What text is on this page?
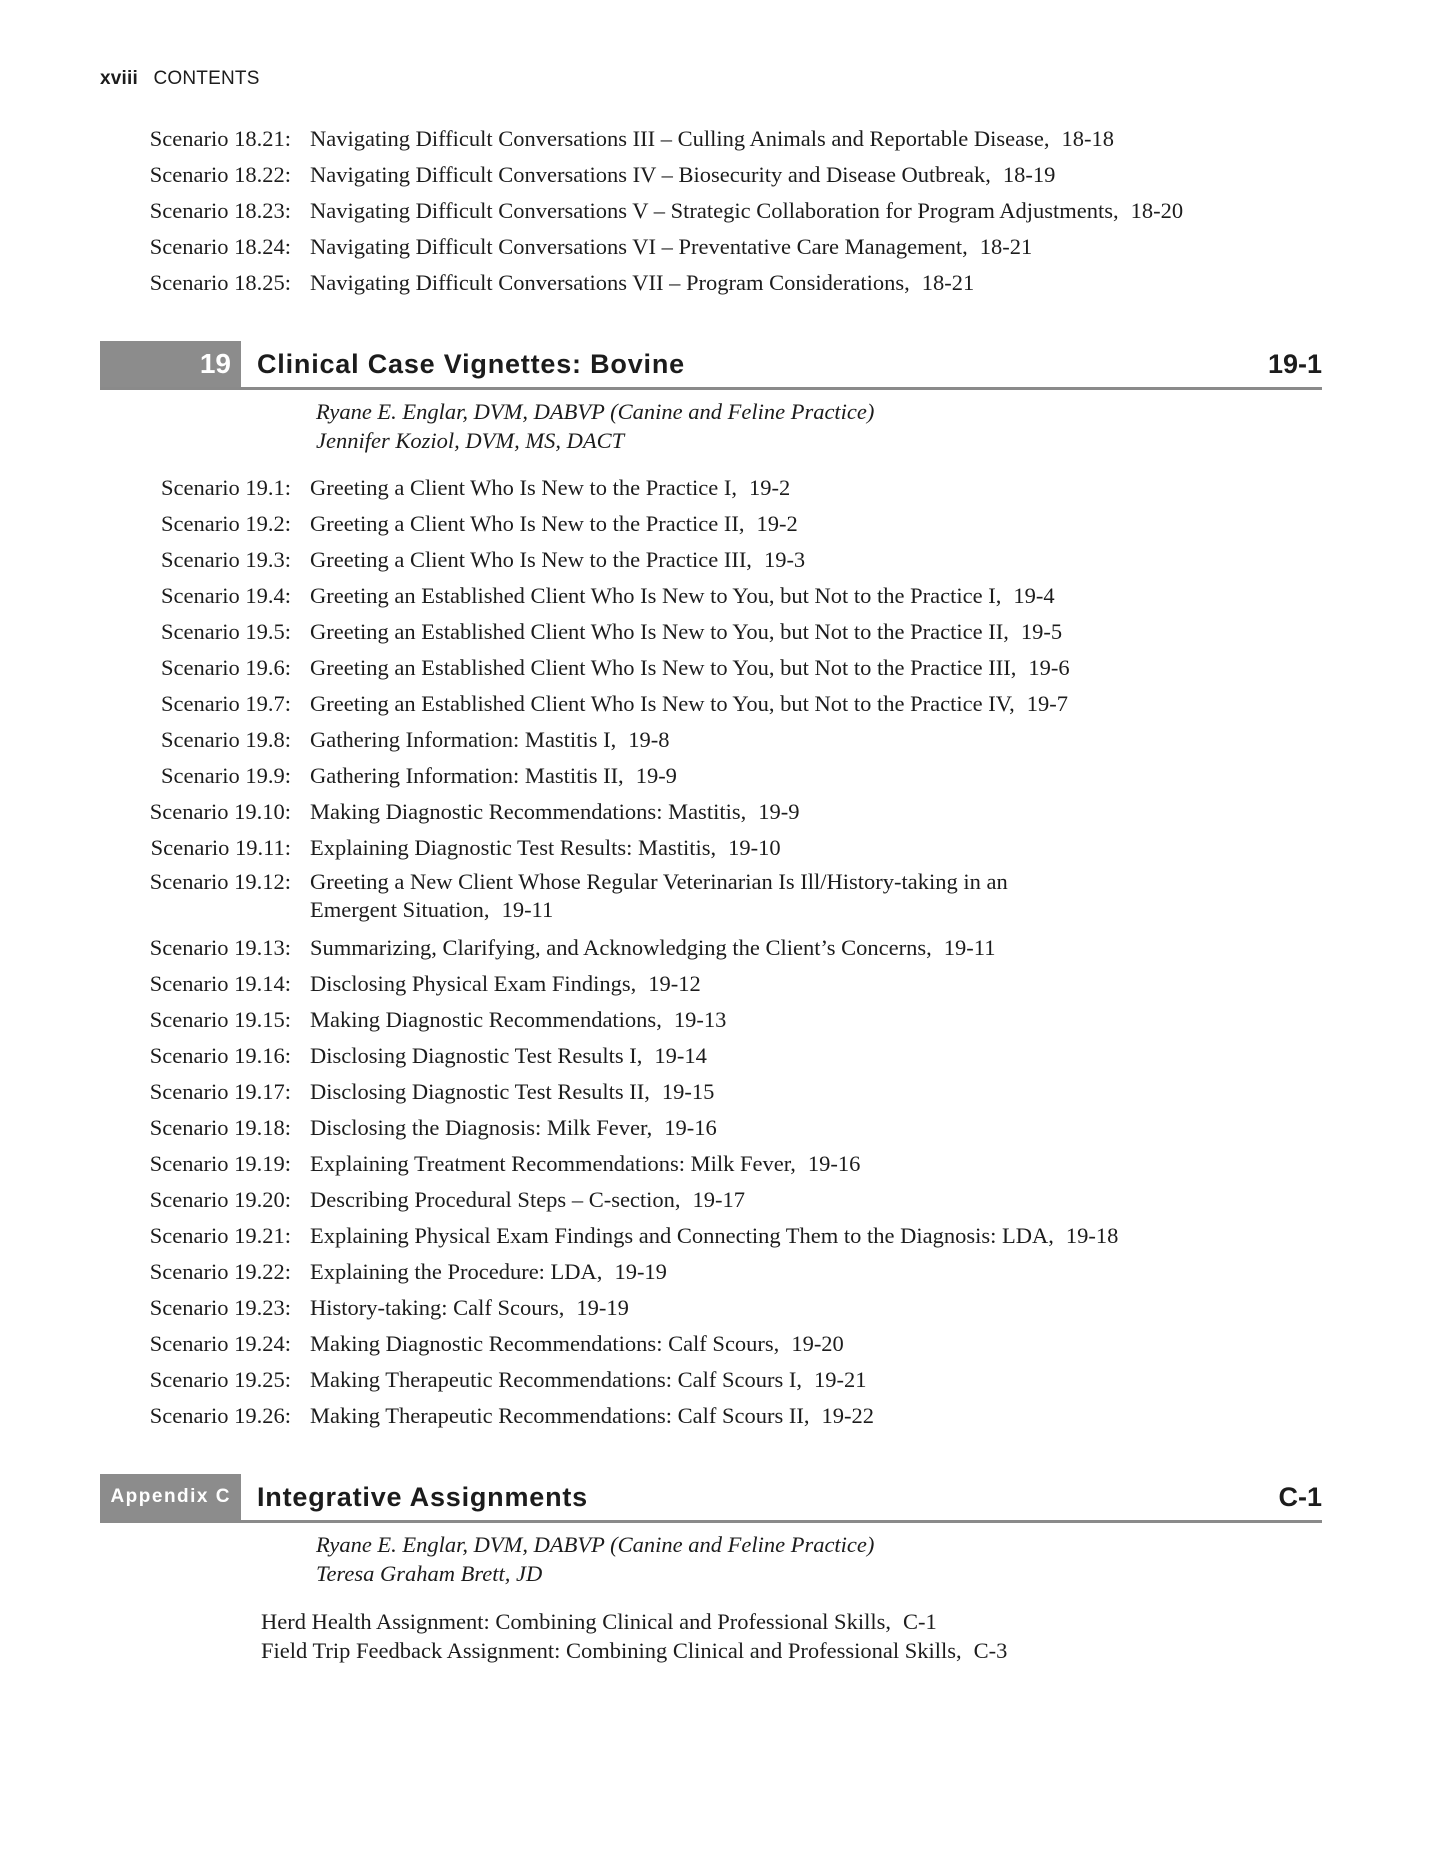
xviii CONTENTS
Scenario 18.21: Navigating Difficult Conversations III – Culling Animals and Reportable Disease, 18-18
Scenario 18.22: Navigating Difficult Conversations IV – Biosecurity and Disease Outbreak, 18-19
Scenario 18.23: Navigating Difficult Conversations V – Strategic Collaboration for Program Adjustments, 18-20
Scenario 18.24: Navigating Difficult Conversations VI – Preventative Care Management, 18-21
Scenario 18.25: Navigating Difficult Conversations VII – Program Considerations, 18-21
19 Clinical Case Vignettes: Bovine	19-1
Ryane E. Englar, DVM, DABVP (Canine and Feline Practice)
Jennifer Koziol, DVM, MS, DACT
Scenario 19.1: Greeting a Client Who Is New to the Practice I, 19-2
Scenario 19.2: Greeting a Client Who Is New to the Practice II, 19-2
Scenario 19.3: Greeting a Client Who Is New to the Practice III, 19-3
Scenario 19.4: Greeting an Established Client Who Is New to You, but Not to the Practice I, 19-4
Scenario 19.5: Greeting an Established Client Who Is New to You, but Not to the Practice II, 19-5
Scenario 19.6: Greeting an Established Client Who Is New to You, but Not to the Practice III, 19-6
Scenario 19.7: Greeting an Established Client Who Is New to You, but Not to the Practice IV, 19-7
Scenario 19.8: Gathering Information: Mastitis I, 19-8
Scenario 19.9: Gathering Information: Mastitis II, 19-9
Scenario 19.10: Making Diagnostic Recommendations: Mastitis, 19-9
Scenario 19.11: Explaining Diagnostic Test Results: Mastitis, 19-10
Scenario 19.12: Greeting a New Client Whose Regular Veterinarian Is Ill/History-taking in an
Emergent Situation, 19-11
Scenario 19.13: Summarizing, Clarifying, and Acknowledging the Client’s Concerns, 19-11
Scenario 19.14: Disclosing Physical Exam Findings, 19-12
Scenario 19.15: Making Diagnostic Recommendations, 19-13
Scenario 19.16: Disclosing Diagnostic Test Results I, 19-14
Scenario 19.17: Disclosing Diagnostic Test Results II, 19-15
Scenario 19.18: Disclosing the Diagnosis: Milk Fever, 19-16
Scenario 19.19: Explaining Treatment Recommendations: Milk Fever, 19-16
Scenario 19.20: Describing Procedural Steps – C-section, 19-17
Scenario 19.21: Explaining Physical Exam Findings and Connecting Them to the Diagnosis: LDA, 19-18
Scenario 19.22: Explaining the Procedure: LDA, 19-19
Scenario 19.23: History-taking: Calf Scours, 19-19
Scenario 19.24: Making Diagnostic Recommendations: Calf Scours, 19-20
Scenario 19.25: Making Therapeutic Recommendations: Calf Scours I, 19-21
Scenario 19.26: Making Therapeutic Recommendations: Calf Scours II, 19-22
Appendix C Integrative Assignments	C-1
Ryane E. Englar, DVM, DABVP (Canine and Feline Practice)
Teresa Graham Brett, JD
Herd Health Assignment: Combining Clinical and Professional Skills, C-1
Field Trip Feedback Assignment: Combining Clinical and Professional Skills, C-3
